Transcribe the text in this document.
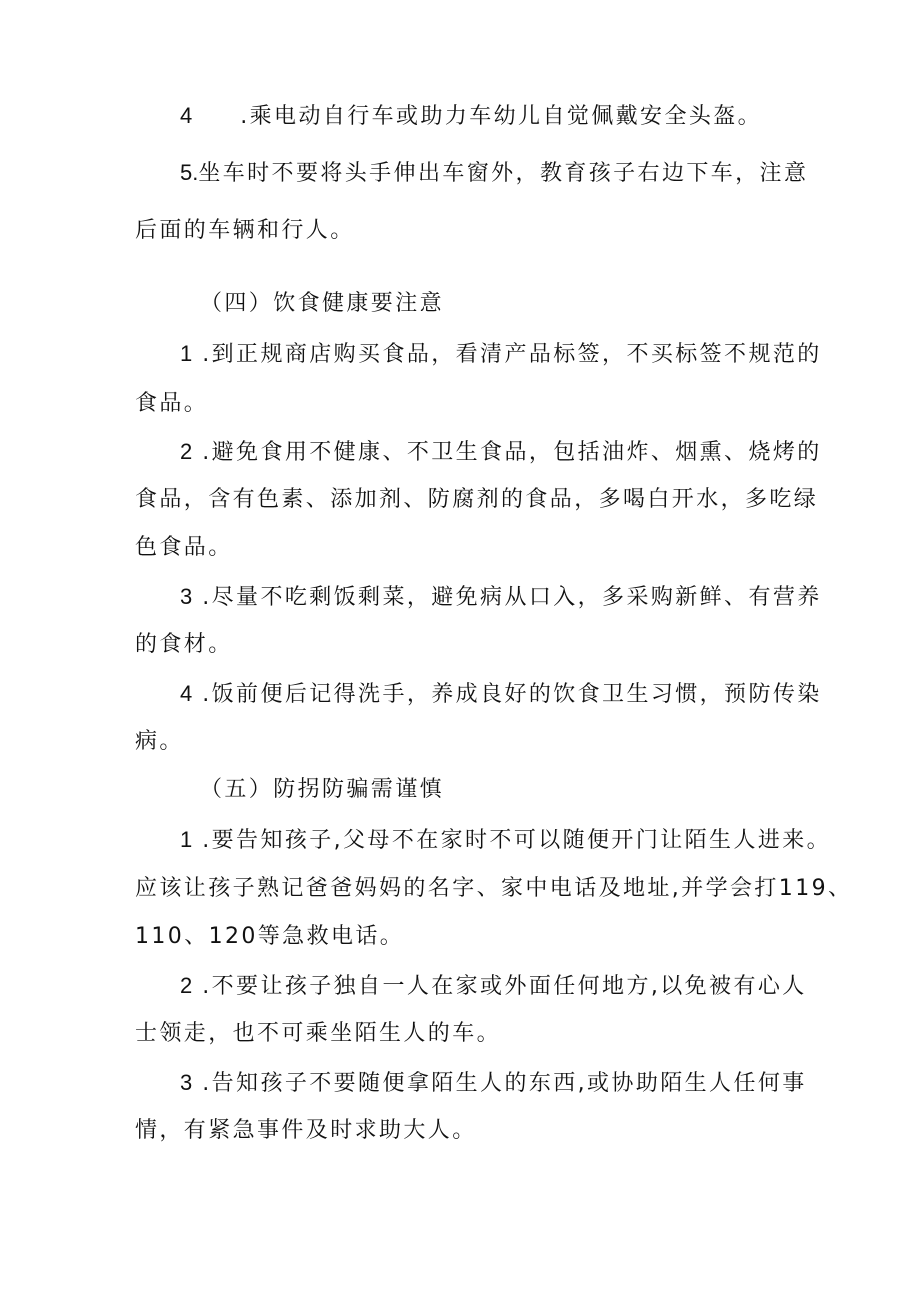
4 .乘电动自行车或助力车幼儿自觉佩戴安全头盔。
5.坐车时不要将头手伸出车窗外，教育孩子右边下车，注意
后面的车辆和行人。
（四）饮食健康要注意
1 .到正规商店购买食品，看清产品标签，不买标签不规范的
食品。
2 .避免食用不健康、不卫生食品，包括油炸、烟熏、烧烤的
食品，含有色素、添加剂、防腐剂的食品，多喝白开水，多吃绿
色食品。
3 .尽量不吃剩饭剩菜，避免病从口入，多采购新鲜、有营养
的食材。
4 .饭前便后记得洗手，养成良好的饮食卫生习惯，预防传染
病。
（五）防拐防骗需谨慎
1 .要告知孩子,父母不在家时不可以随便开门让陌生人进来。
应该让孩子熟记爸爸妈妈的名字、家中电话及地址,并学会打119、
110、120等急救电话。
2 .不要让孩子独自一人在家或外面任何地方,以免被有心人
士领走，也不可乘坐陌生人的车。
3 .告知孩子不要随便拿陌生人的东西,或协助陌生人任何事
情，有紧急事件及时求助大人。
